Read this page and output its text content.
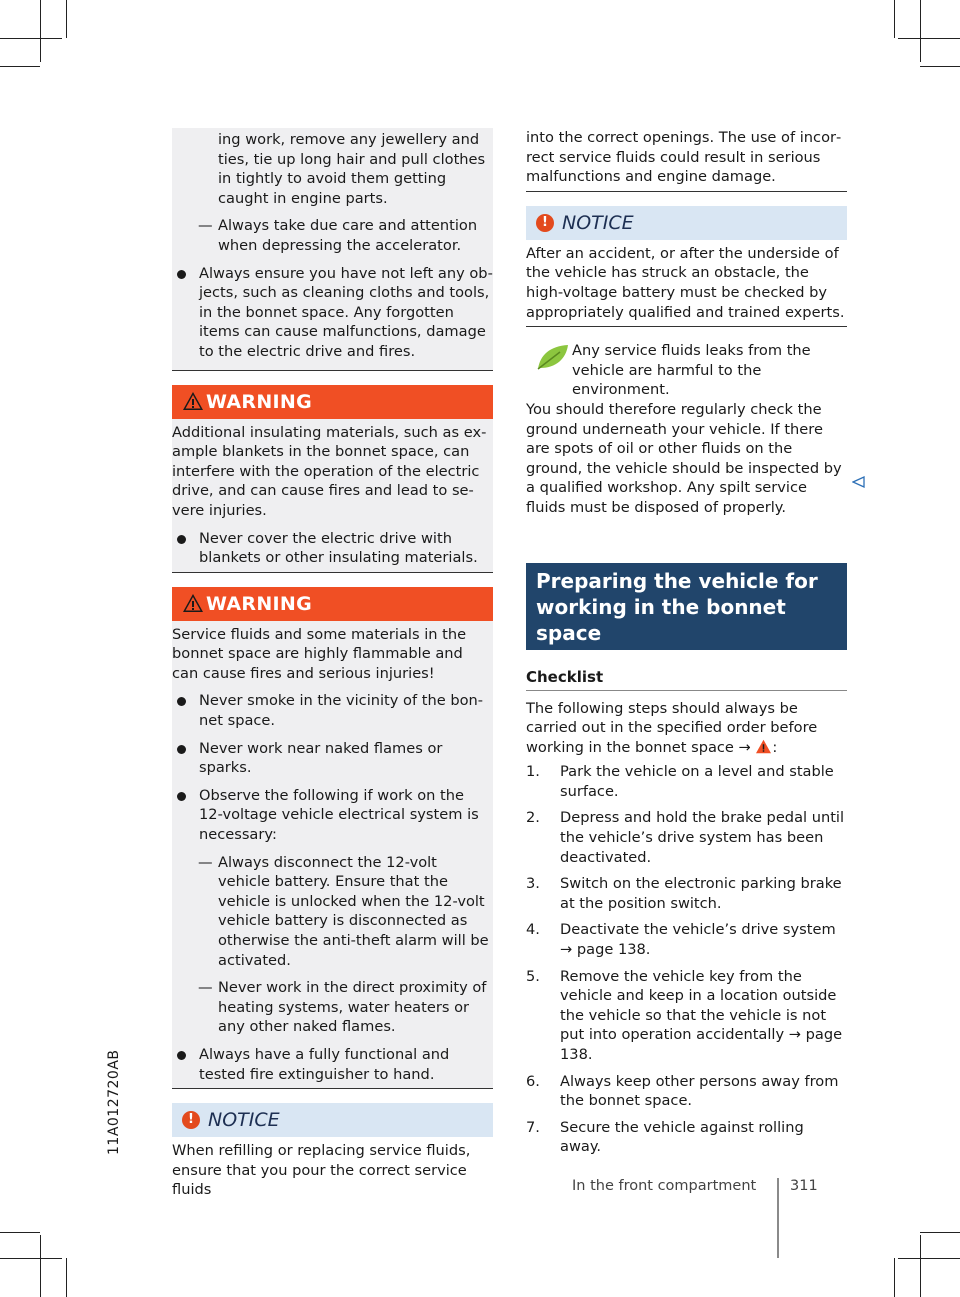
11A012720AB
ing work, remove any jewellery and ties, tie up long hair and pull clothes in tightly to avoid them getting caught in engine parts.
— Always take due care and attention when depressing the accelerator.
Always ensure you have not left any objects, such as cleaning cloths and tools, in the bonnet space. Any forgotten items can cause malfunctions, damage to the electric drive and fires.
WARNING
Additional insulating materials, such as example blankets in the bonnet space, can interfere with the operation of the electric drive, and can cause fires and lead to severe injuries.
Never cover the electric drive with blankets or other insulating materials.
WARNING
Service fluids and some materials in the bonnet space are highly flammable and can cause fires and serious injuries!
Never smoke in the vicinity of the bonnet space.
Never work near naked flames or sparks.
Observe the following if work on the 12-voltage vehicle electrical system is necessary:
— Always disconnect the 12-volt vehicle battery. Ensure that the vehicle is unlocked when the 12-volt vehicle battery is disconnected as otherwise the anti-theft alarm will be activated.
— Never work in the direct proximity of heating systems, water heaters or any other naked flames.
Always have a fully functional and tested fire extinguisher to hand.
! NOTICE
When refilling or replacing service fluids, ensure that you pour the correct service fluids
into the correct openings. The use of incorrect service fluids could result in serious malfunctions and engine damage.
! NOTICE
After an accident, or after the underside of the vehicle has struck an obstacle, the high-voltage battery must be checked by appropriately qualified and trained experts.
Any service fluids leaks from the vehicle are harmful to the environment.
You should therefore regularly check the ground underneath your vehicle. If there are spots of oil or other fluids on the ground, the vehicle should be inspected by a qualified workshop. Any spilt service fluids must be disposed of properly.
Preparing the vehicle for working in the bonnet space
Checklist
The following steps should always be carried out in the specified order before working in the bonnet space → :
1. Park the vehicle on a level and stable surface.
2. Depress and hold the brake pedal until the vehicle’s drive system has been deactivated.
3. Switch on the electronic parking brake at the position switch.
4. Deactivate the vehicle’s drive system → page 138.
5. Remove the vehicle key from the vehicle and keep in a location outside the vehicle so that the vehicle is not put into operation accidentally → page 138.
6. Always keep other persons away from the bonnet space.
7. Secure the vehicle against rolling away.
In the front compartment 311
